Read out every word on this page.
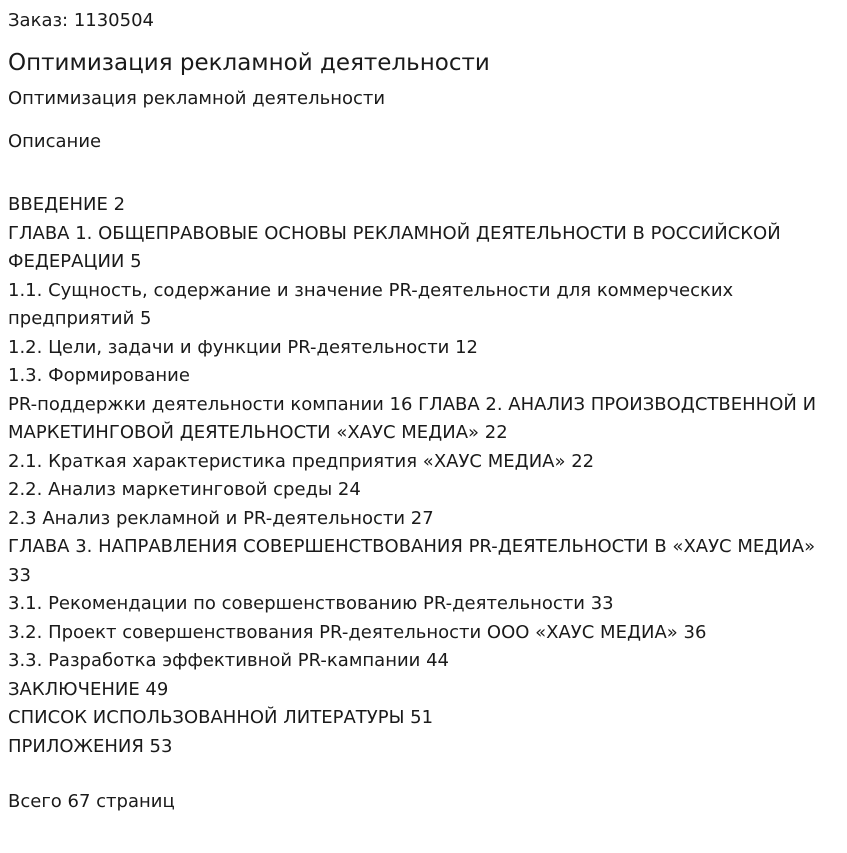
Заказ: 1130504

Оптимизация рекламной деятельности

Оптимизация рекламной деятельности

Описание

ВВЕДЕНИЕ 2
ГЛАВА 1. ОБЩЕПРАВОВЫЕ ОСНОВЫ РЕКЛАМНОЙ ДЕЯТЕЛЬНОСТИ В РОССИЙСКОЙ ФЕДЕРАЦИИ 5
1.1. Сущность, содержание и значение PR-деятельности для коммерческих предприятий 5
1.2. Цели, задачи и функции PR-деятельности 12
1.3. Формирование
PR-поддержки деятельности компании 16 ГЛАВА 2. АНАЛИЗ ПРОИЗВОДСТВЕННОЙ И МАРКЕТИНГОВОЙ ДЕЯТЕЛЬНОСТИ «ХАУС МЕДИА» 22
2.1. Краткая характеристика предприятия «ХАУС МЕДИА» 22
2.2. Анализ маркетинговой среды 24
2.3 Анализ рекламной и PR-деятельности 27
ГЛАВА 3. НАПРАВЛЕНИЯ СОВЕРШЕНСТВОВАНИЯ PR-ДЕЯТЕЛЬНОСТИ В «ХАУС МЕДИА» 33
3.1. Рекомендации по совершенствованию PR-деятельности 33
3.2. Проект совершенствования PR-деятельности ООО «ХАУС МЕДИА» 36
3.3. Разработка эффективной PR-кампании 44
ЗАКЛЮЧЕНИЕ 49
СПИСОК ИСПОЛЬЗОВАННОЙ ЛИТЕРАТУРЫ 51
ПРИЛОЖЕНИЯ 53

Всего 67 страниц
